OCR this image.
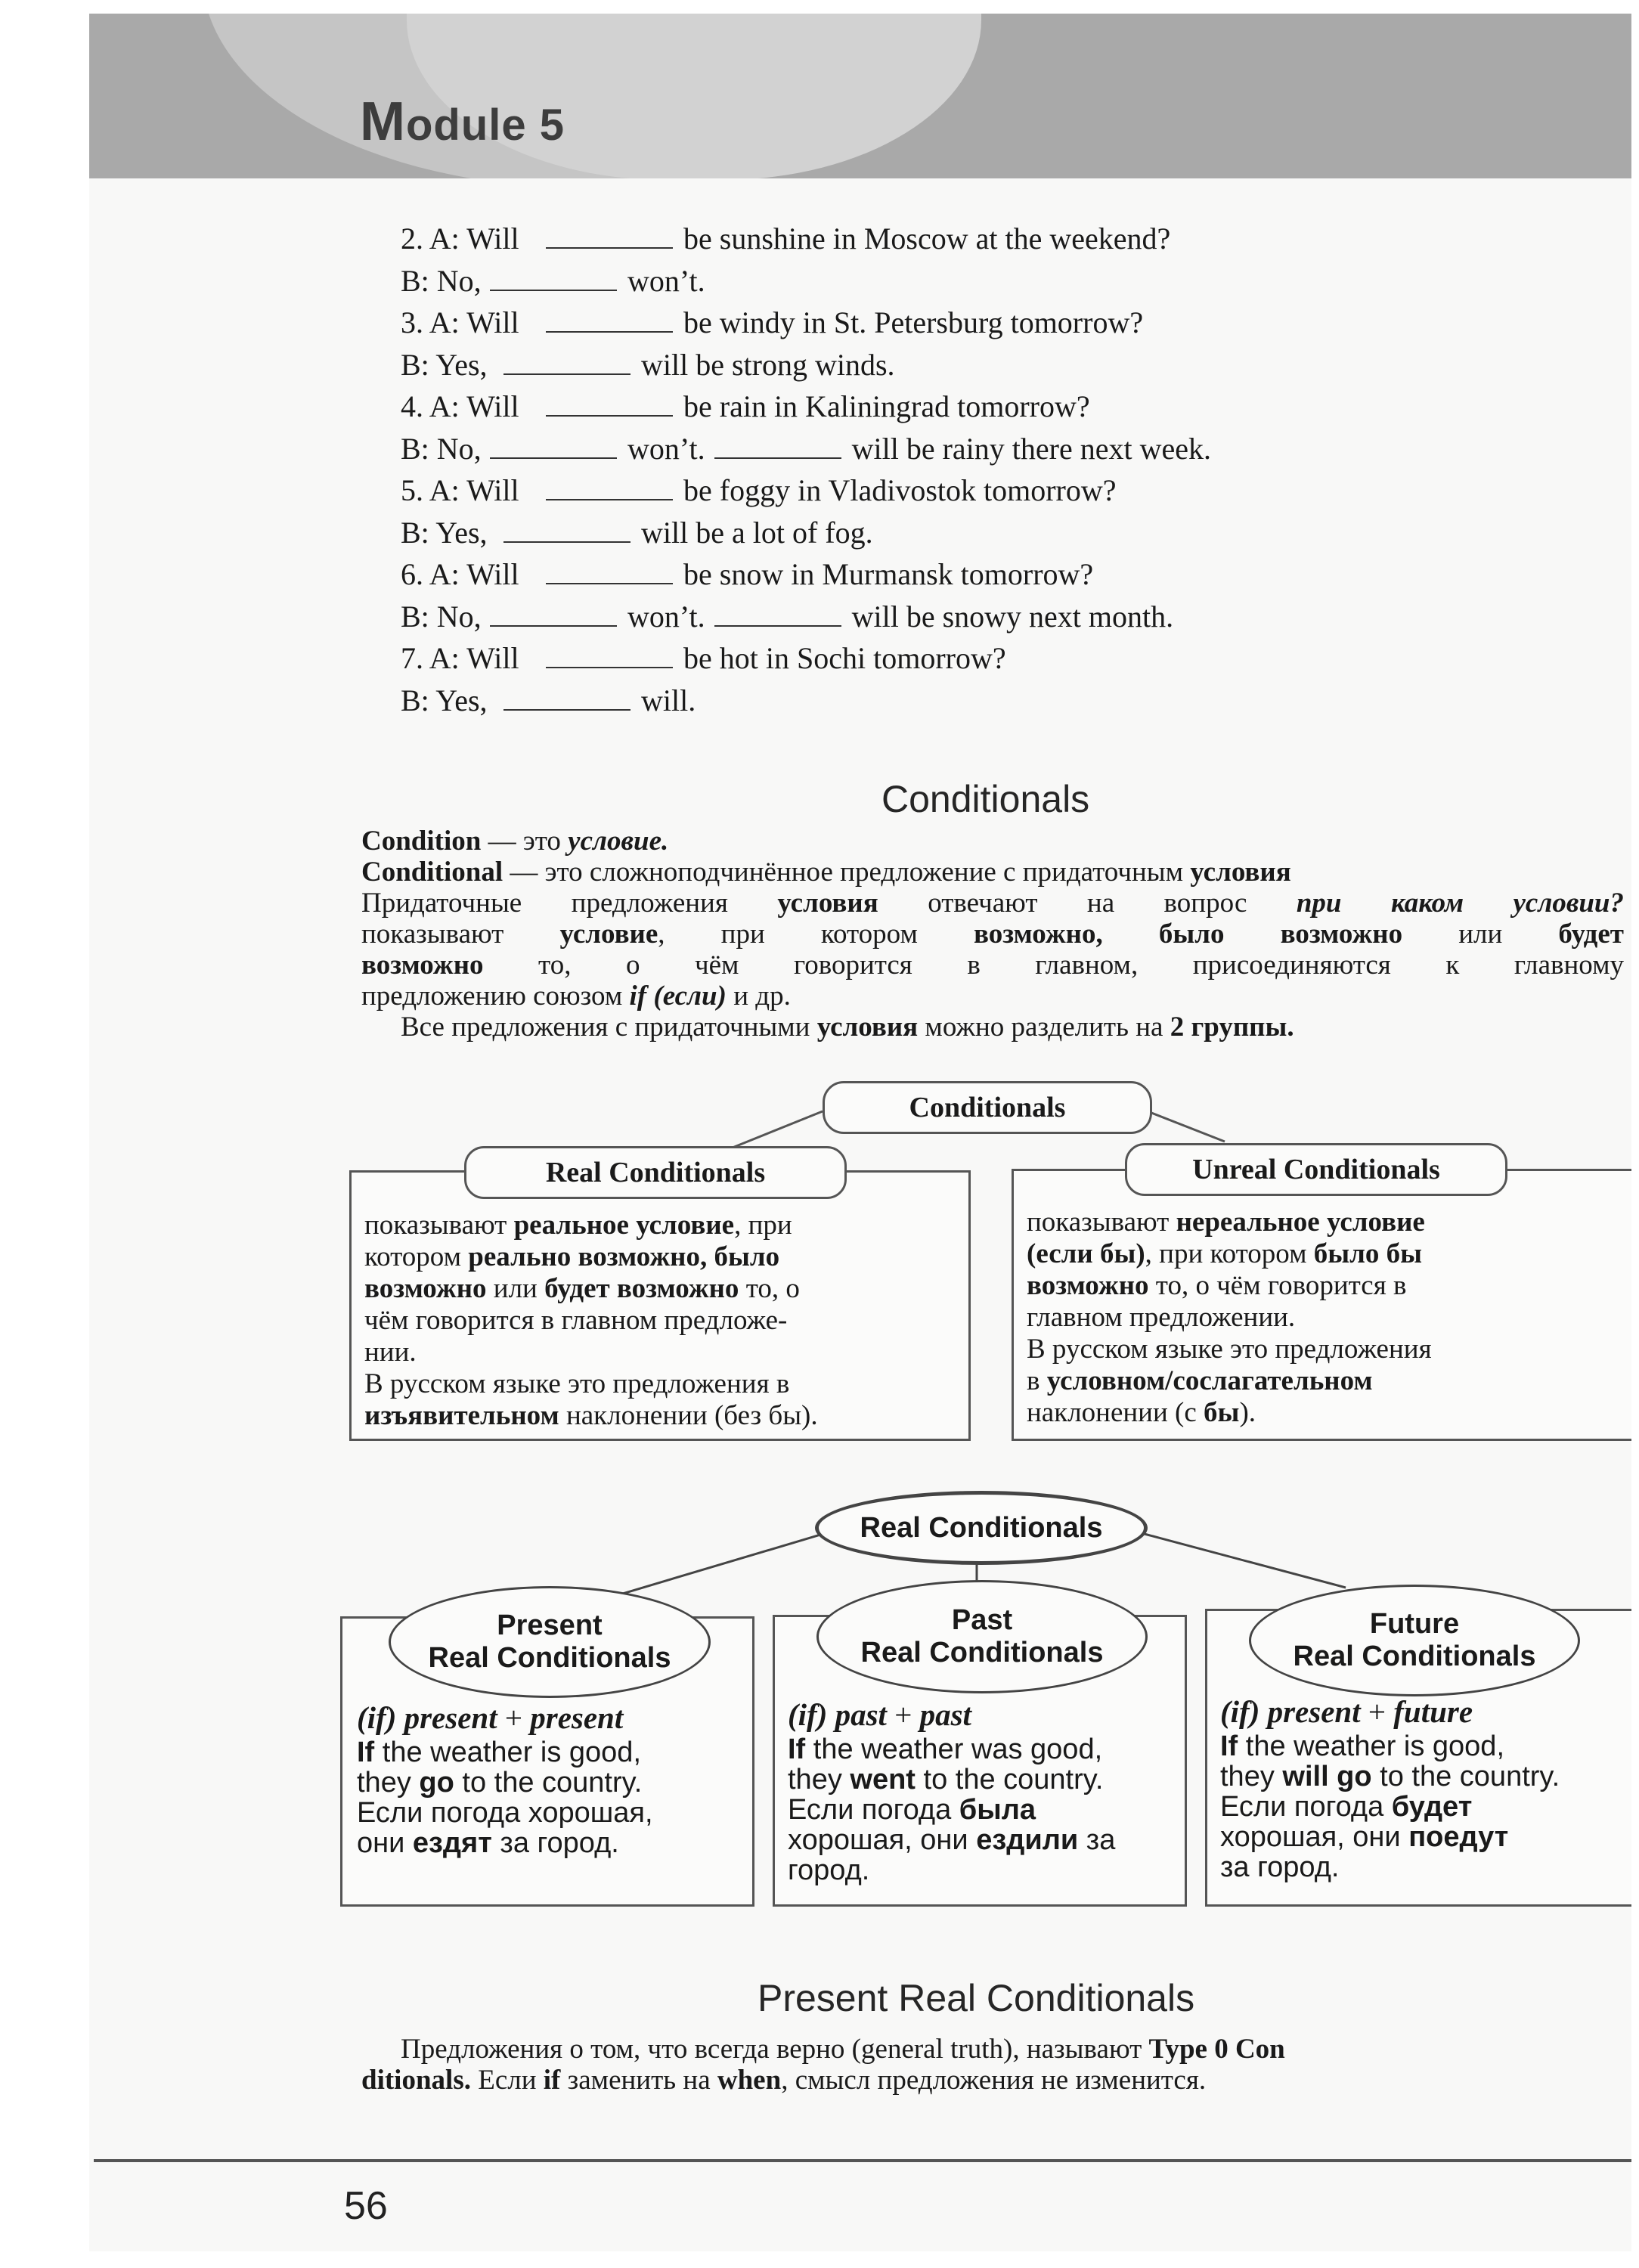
Module 5
2. A: Will	be sunshine in Moscow at the weekend?
B: No,	won’t.
3. A: Will	be windy in St. Petersburg tomorrow?
B: Yes,	will be strong winds.
4. A: Will	be rain in Kaliningrad tomorrow?
B: No,	won’t.	will be rainy there next week.
5. A: Will	be foggy in Vladivostok tomorrow?
B: Yes,	will be a lot of fog.
6. A: Will	be snow in Murmansk tomorrow?
B: No,	won’t.	will be snowy next month.
7. A: Will	be hot in Sochi tomorrow?
B: Yes,	will.
Conditionals

Condition — это условие.

Conditional — это сложноподчинённое предложение с придаточным условия

Придаточные предложения условия отвечают на вопрос при каком условии?

показывают условие, при котором возможно, было возможно или будет

возможно то, о чём говорится в главном, присоединяются к главному

предложению союзом if (если) и др.

Все предложения с придаточными условия можно разделить на 2 группы.

Conditionals
Real Conditionals
показывают реальное условие, при
котором реально возможно, было
возможно или будет возможно то, о
чём говорится в главном предложе-
нии.
В русском языке это предложения в
изъявительном наклонении (без бы).
Unreal Conditionals
показывают нереальное условие
(если бы), при котором было бы
возможно то, о чём говорится в
главном предложении.
В русском языке это предложения
в условном/сослагательном
наклонении (с бы).
Real Conditionals
Present
Real Conditionals
(if) present + present
If the weather is good,
they go to the country.
Если погода хорошая,
они ездят за город.
Past
Real Conditionals
(if) past + past
If the weather was good,
they went to the country.
Если погода была
хорошая, они ездили за
город.
Future
Real Conditionals
(if) present + future
If the weather is good,
they will go to the country.
Если погода будет
хорошая, они поедут
за город.
Present Real Conditionals

Предложения о том, что всегда верно (general truth), называют Type 0 Con

ditionals. Если if заменить на when, смысл предложения не изменится.

56
